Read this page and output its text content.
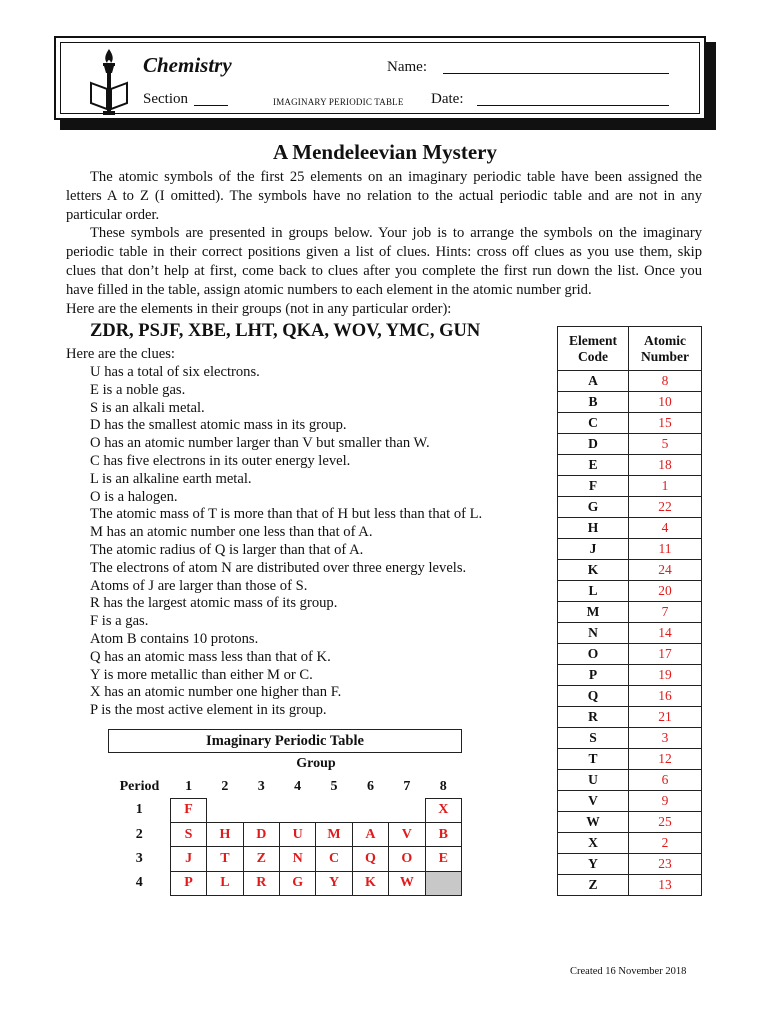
Chemistry
Section	IMAGINARY PERIODIC TABLE
Name:
Date:
A Mendeleevian Mystery

The atomic symbols of the first 25 elements on an imaginary periodic table have been assigned the letters A to Z (I omitted). The symbols have no relation to the actual periodic table and are not in any particular order.

These symbols are presented in groups below. Your job is to arrange the symbols on the imaginary periodic table in their correct positions given a list of clues. Hints: cross off clues as you use them, skip clues that don’t help at first, come back to clues after you complete the first run down the list. Once you have filled in the table, assign atomic numbers to each element in the atomic number grid.

Here are the elements in their groups (not in any particular order):

ZDR, PSJF, XBE, LHT, QKA, WOV, YMC, GUN
Here are the clues:
U has a total of six electrons.
E is a noble gas.
S is an alkali metal.
D has the smallest atomic mass in its group.
O has an atomic number larger than V but smaller than W.
C has five electrons in its outer energy level.
L is an alkaline earth metal.
O is a halogen.
The atomic mass of T is more than that of H but less than that of L.
M has an atomic number one less than that of A.
The atomic radius of Q is larger than that of A.
The electrons of atom N are distributed over three energy levels.
Atoms of J are larger than those of S.
R has the largest atomic mass of its group.
F is a gas.
Atom B contains 10 protons.
Q has an atomic mass less than that of K.
Y is more metallic than either M or C.
X has an atomic number one higher than F.
P is the most active element in its group.
Element Code	Atomic Number
A	8
B	10
C	15
D	5
E	18
F	1
G	22
H	4
J	11
K	24
L	20
M	7
N	14
O	17
P	19
Q	16
R	21
S	3
T	12
U	6
V	9
W	25
X	2
Y	23
Z	13
Imaginary Periodic Table								
	Group							
Period	1	2	3	4	5	6	7	8
1	F							X
2	S	H	D	U	M	A	V	B
3	J	T	Z	N	C	Q	O	E
4	P	L	R	G	Y	K	W	
Created 16 November 2018
